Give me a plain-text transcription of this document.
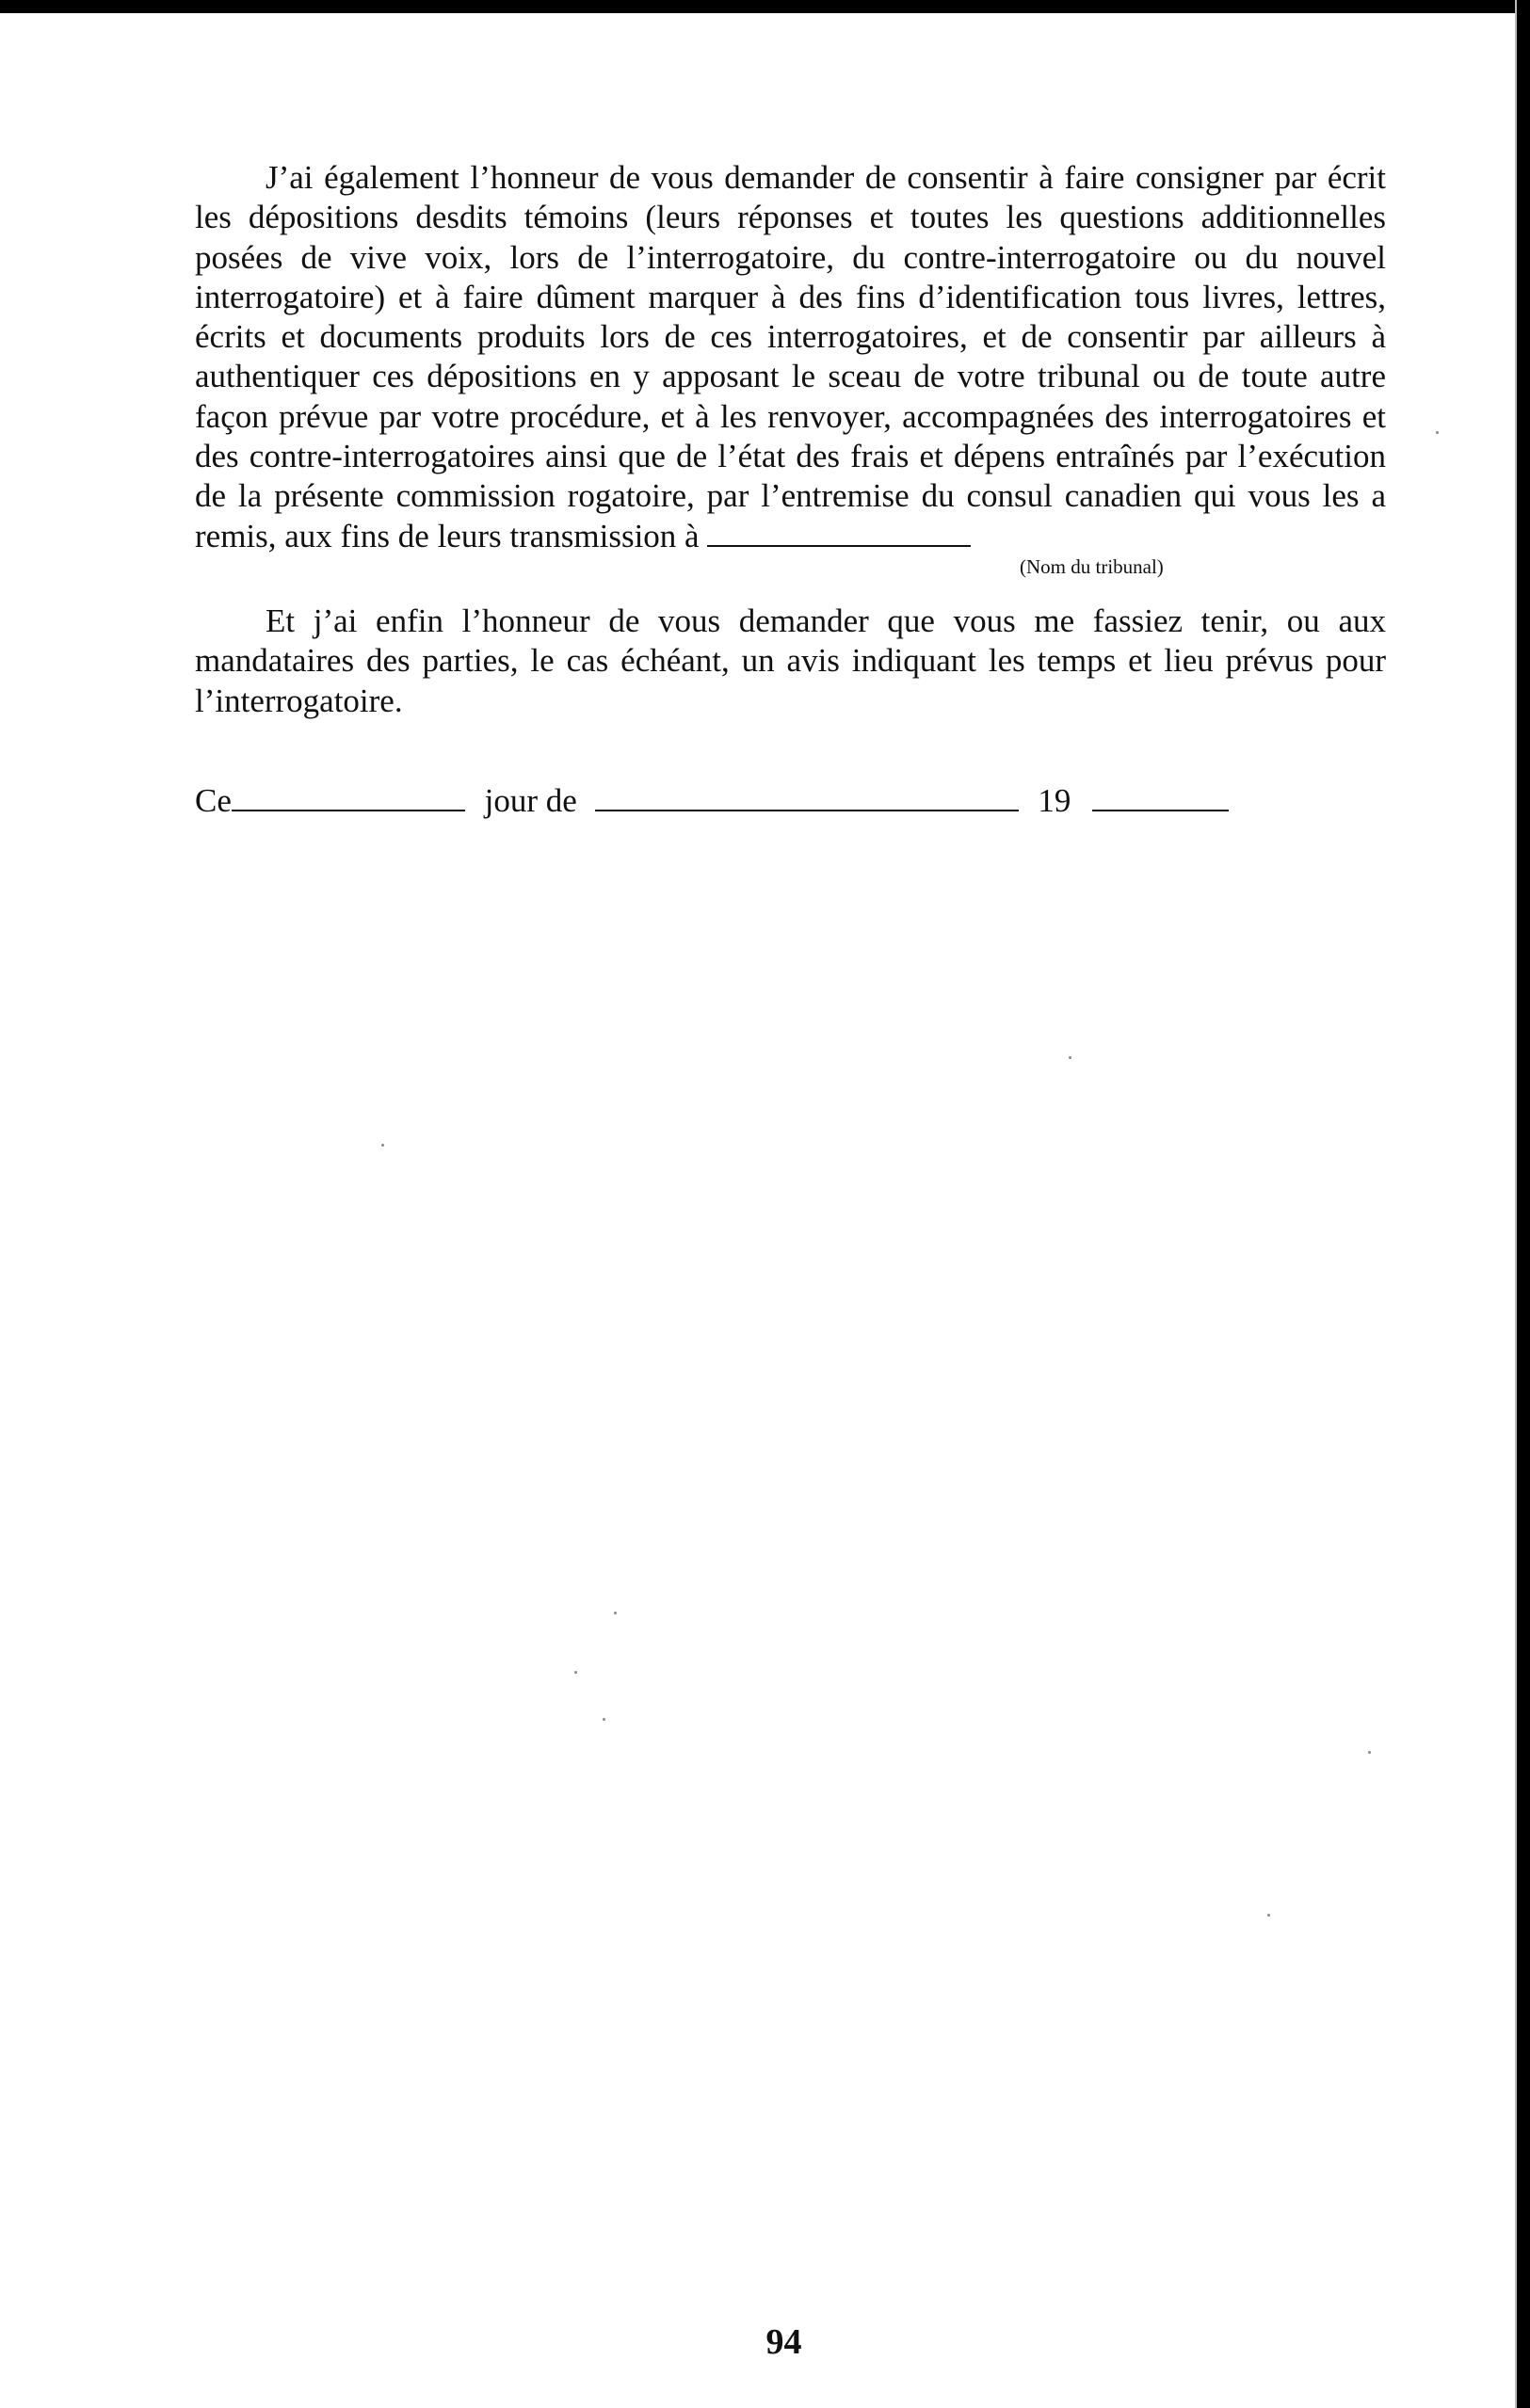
J’ai également l’honneur de vous demander de consentir à faire consigner par écrit les dépositions desdits témoins (leurs réponses et toutes les questions additionnelles posées de vive voix, lors de l’interrogatoire, du contre-interrogatoire ou du nouvel interrogatoire) et à faire dûment marquer à des fins d’identification tous livres, lettres, écrits et documents produits lors de ces interrogatoires, et de consentir par ailleurs à authentiquer ces dépositions en y apposant le sceau de votre tribunal ou de toute autre façon prévue par votre procédure, et à les renvoyer, accompagnées des interrogatoires et des contre-interrogatoires ainsi que de l’état des frais et dépens entraînés par l’exécution de la présente commission rogatoire, par l’entremise du consul canadien qui vous les a remis, aux fins de leurs transmission à

(Nom du tribunal)

Et j’ai enfin l’honneur de vous demander que vous me fassiez tenir, ou aux mandataires des parties, le cas échéant, un avis indiquant les temps et lieu prévus pour l’interrogatoire.

Ce	jour de	19
94
